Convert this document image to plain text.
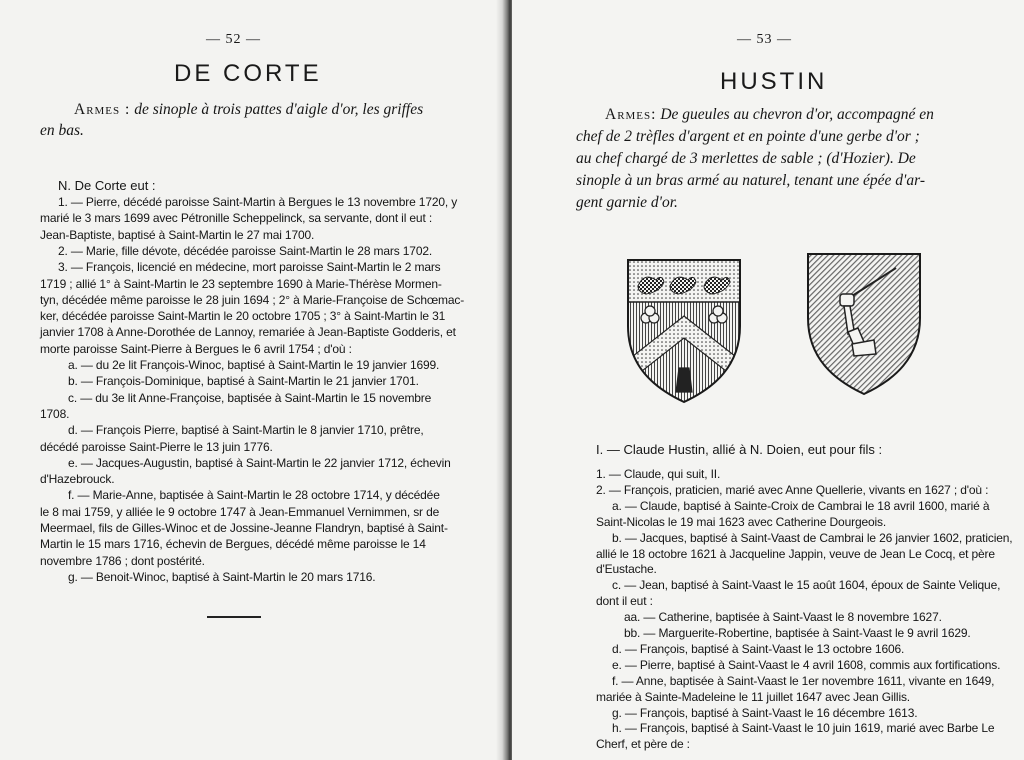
— 52 —
DE CORTE
Armes : de sinople à trois pattes d'aigle d'or, les griffes
en bas.
N. De Corte eut :
1. — Pierre, décédé paroisse Saint-Martin à Bergues le 13 novembre 1720, y
marié le 3 mars 1699 avec Pétronille Scheppelinck, sa servante, dont il eut :
Jean-Baptiste, baptisé à Saint-Martin le 27 mai 1700.
2. — Marie, fille dévote, décédée paroisse Saint-Martin le 28 mars 1702.
3. — François, licencié en médecine, mort paroisse Saint-Martin le 2 mars
1719 ; allié 1° à Saint-Martin le 23 septembre 1690 à Marie-Thérèse Mormen-
tyn, décédée même paroisse le 28 juin 1694 ; 2° à Marie-Françoise de Schœmac-
ker, décédée paroisse Saint-Martin le 20 octobre 1705 ; 3° à Saint-Martin le 31
janvier 1708 à Anne-Dorothée de Lannoy, remariée à Jean-Baptiste Godderis, et
morte paroisse Saint-Pierre à Bergues le 6 avril 1754 ; d'où :
a. — du 2e lit François-Winoc, baptisé à Saint-Martin le 19 janvier 1699.
b. — François-Dominique, baptisé à Saint-Martin le 21 janvier 1701.
c. — du 3e lit Anne-Françoise, baptisée à Saint-Martin le 15 novembre
1708.
d. — François Pierre, baptisé à Saint-Martin le 8 janvier 1710, prêtre,
décédé paroisse Saint-Pierre le 13 juin 1776.
e. — Jacques-Augustin, baptisé à Saint-Martin le 22 janvier 1712, échevin
d'Hazebrouck.
f. — Marie-Anne, baptisée à Saint-Martin le 28 octobre 1714, y décédée
le 8 mai 1759, y alliée le 9 octobre 1747 à Jean-Emmanuel Vernimmen, sr de
Meermael, fils de Gilles-Winoc et de Jossine-Jeanne Flandryn, baptisé à Saint-
Martin le 15 mars 1716, échevin de Bergues, décédé même paroisse le 14
novembre 1786 ; dont postérité.
g. — Benoit-Winoc, baptisé à Saint-Martin le 20 mars 1716.
— 53 —
HUSTIN
Armes: De gueules au chevron d'or, accompagné en
chef de 2 trèfles d'argent et en pointe d'une gerbe d'or ;
au chef chargé de 3 merlettes de sable ; (d'Hozier). De
sinople à un bras armé au naturel, tenant une épée d'ar-
gent garnie d'or.
I. — Claude Hustin, allié à N. Doien, eut pour fils :
1. — Claude, qui suit, II.
2. — François, praticien, marié avec Anne Quellerie, vivants en 1627 ; d'où :
a. — Claude, baptisé à Sainte-Croix de Cambrai le 18 avril 1600, marié à
Saint-Nicolas le 19 mai 1623 avec Catherine Dourgeois.
b. — Jacques, baptisé à Saint-Vaast de Cambrai le 26 janvier 1602, praticien,
allié le 18 octobre 1621 à Jacqueline Jappin, veuve de Jean Le Cocq, et père
d'Eustache.
c. — Jean, baptisé à Saint-Vaast le 15 août 1604, époux de Sainte Velique,
dont il eut :
aa. — Catherine, baptisée à Saint-Vaast le 8 novembre 1627.
bb. — Marguerite-Robertine, baptisée à Saint-Vaast le 9 avril 1629.
d. — François, baptisé à Saint-Vaast le 13 octobre 1606.
e. — Pierre, baptisé à Saint-Vaast le 4 avril 1608, commis aux fortifications.
f. — Anne, baptisée à Saint-Vaast le 1er novembre 1611, vivante en 1649,
mariée à Sainte-Madeleine le 11 juillet 1647 avec Jean Gillis.
g. — François, baptisé à Saint-Vaast le 16 décembre 1613.
h. — François, baptisé à Saint-Vaast le 10 juin 1619, marié avec Barbe Le
Cherf, et père de :
